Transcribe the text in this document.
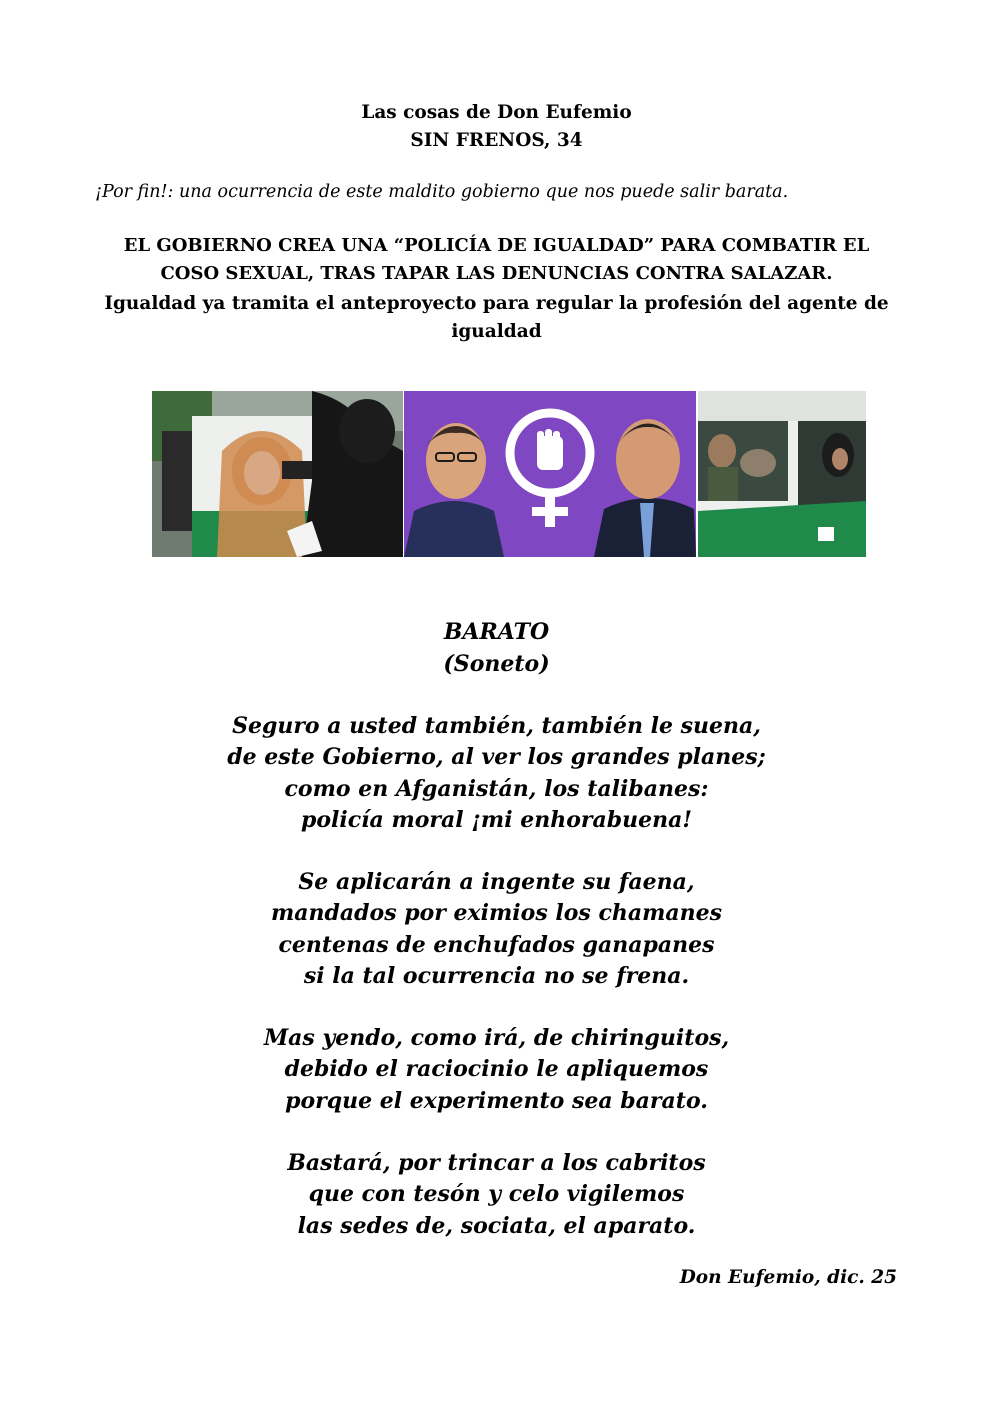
Las cosas de Don Eufemio
SIN FRENOS, 34
¡Por fin!: una ocurrencia de este maldito gobierno que nos puede salir barata.
EL GOBIERNO CREA UNA “POLICÍA DE IGUALDAD” PARA COMBATIR EL
COSO SEXUAL, TRAS TAPAR LAS DENUNCIAS CONTRA SALAZAR.
Igualdad ya tramita el anteproyecto para regular la profesión del agente de
igualdad
BARATO
(Soneto)
Seguro a usted también, también le suena,
de este Gobierno, al ver los grandes planes;
como en Afganistán, los talibanes:
policía moral ¡mi enhorabuena!
Se aplicarán a ingente su faena,
mandados por eximios los chamanes
centenas de enchufados ganapanes
si la tal ocurrencia no se frena.
Mas yendo, como irá, de chiringuitos,
debido el raciocinio le apliquemos
porque el experimento sea barato.
Bastará, por trincar a los cabritos
que con tesón y celo vigilemos
las sedes de, sociata, el aparato.
Don Eufemio, dic. 25
